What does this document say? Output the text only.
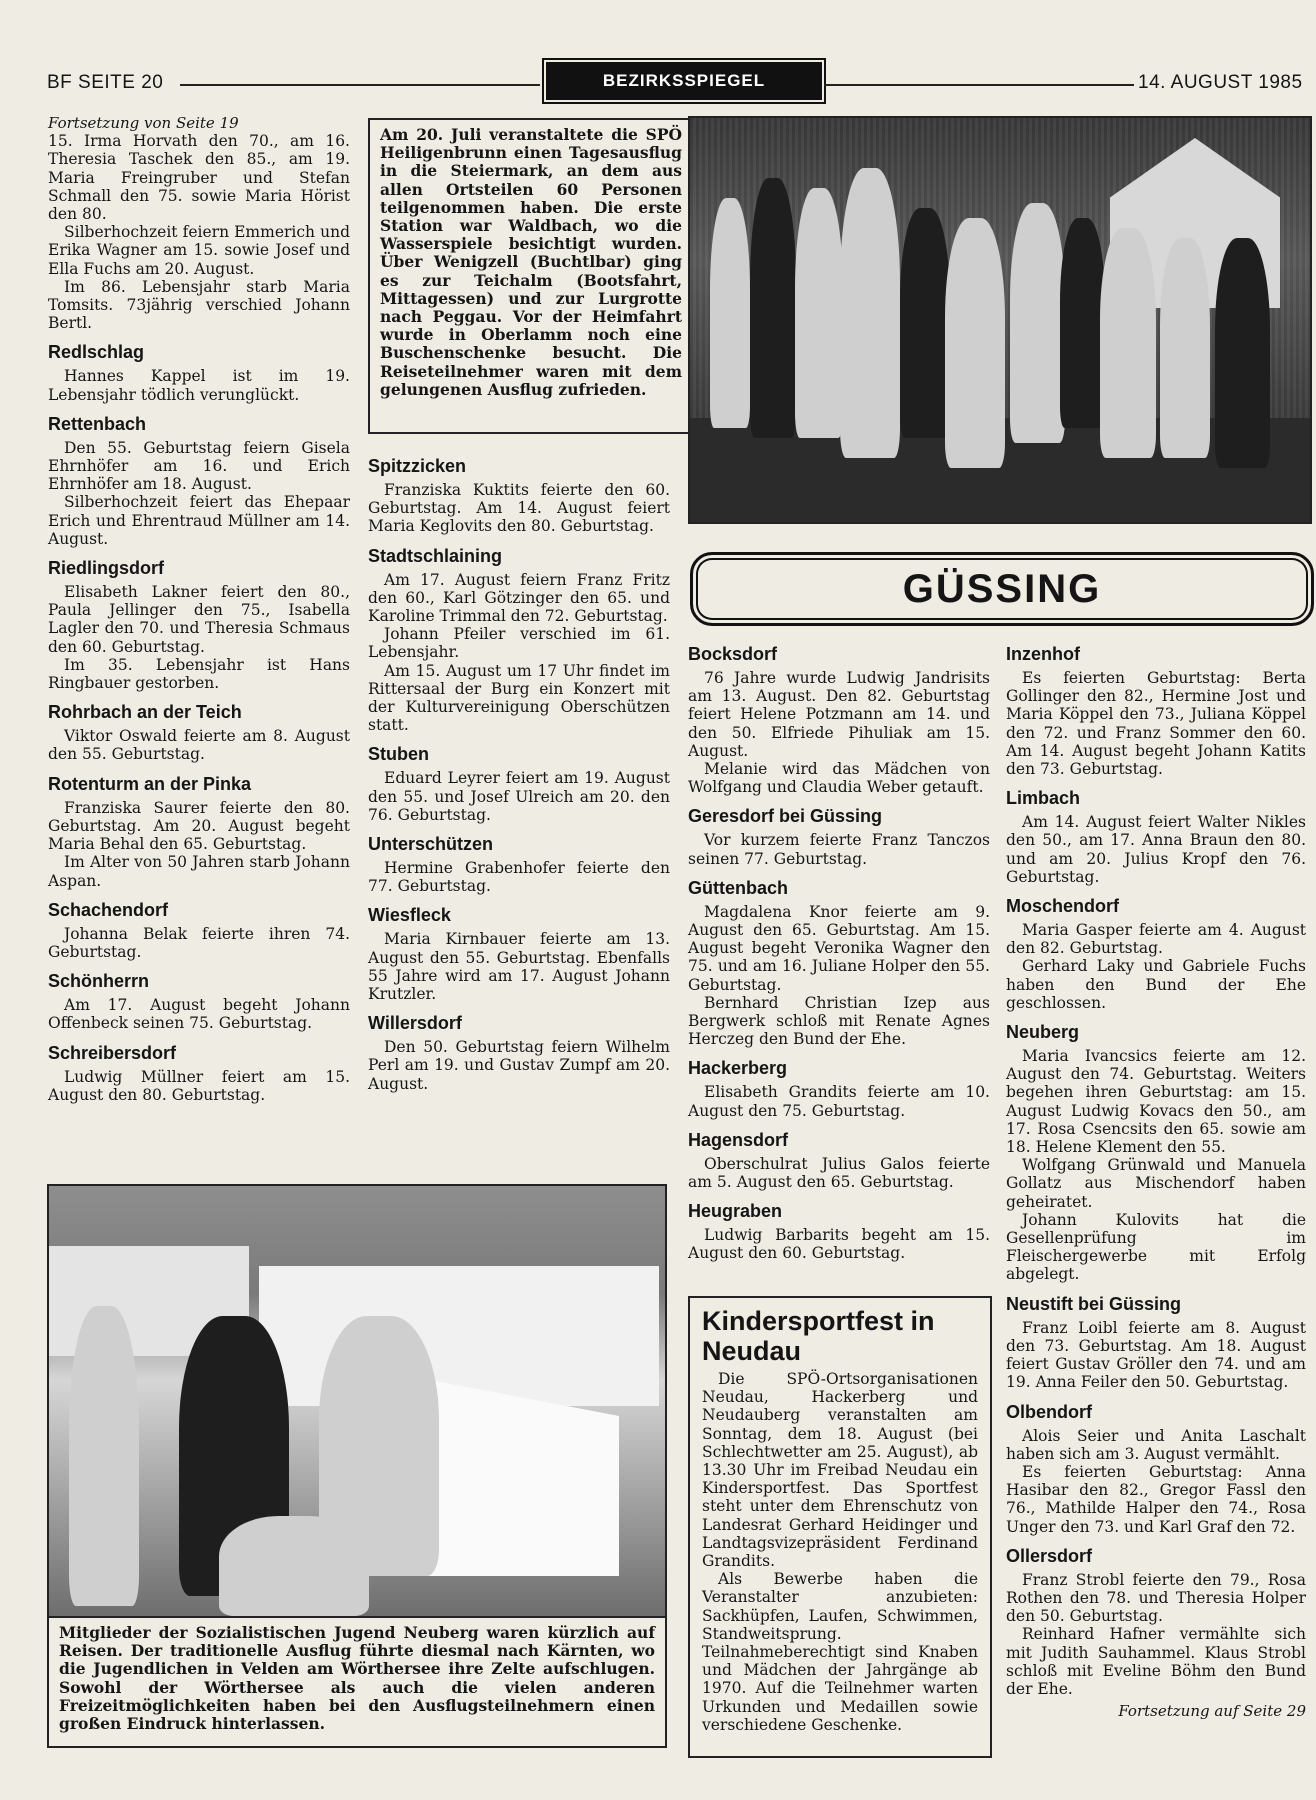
BF SEITE 20	BEZIRKSSPIEGEL	14. AUGUST 1985

Fortsetzung von Seite 19

15. Irma Horvath den 70., am 16. Theresia Taschek den 85., am 19. Maria Freingruber und Stefan Schmall den 75. sowie Maria Hörist den 80.

Silberhochzeit feiern Emmerich und Erika Wagner am 15. sowie Josef und Ella Fuchs am 20. August.

Im 86. Lebensjahr starb Maria Tomsits. 73jährig verschied Johann Bertl.

Redlschlag

Hannes Kappel ist im 19. Lebensjahr tödlich verunglückt.

Rettenbach

Den 55. Geburtstag feiern Gisela Ehrnhöfer am 16. und Erich Ehrnhöfer am 18. August.

Silberhochzeit feiert das Ehepaar Erich und Ehrentraud Müllner am 14. August.

Riedlingsdorf

Elisabeth Lakner feiert den 80., Paula Jellinger den 75., Isabella Lagler den 70. und Theresia Schmaus den 60. Geburtstag.

Im 35. Lebensjahr ist Hans Ringbauer gestorben.

Rohrbach an der Teich

Viktor Oswald feierte am 8. August den 55. Geburtstag.

Rotenturm an der Pinka

Franziska Saurer feierte den 80. Geburtstag. Am 20. August begeht Maria Behal den 65. Geburtstag.

Im Alter von 50 Jahren starb Johann Aspan.

Schachendorf

Johanna Belak feierte ihren 74. Geburtstag.

Schönherrn

Am 17. August begeht Johann Offenbeck seinen 75. Geburtstag.

Schreibersdorf

Ludwig Müllner feiert am 15. August den 80. Geburtstag.

Am 20. Juli veranstaltete die SPÖ Heiligenbrunn einen Tagesausflug in die Steiermark, an dem aus allen Ortsteilen 60 Personen teilgenommen haben. Die erste Station war Waldbach, wo die Wasserspiele besichtigt wurden. Über Wenigzell (Buchtlbar) ging es zur Teichalm (Bootsfahrt, Mittagessen) und zur Lurgrotte nach Peggau. Vor der Heimfahrt wurde in Oberlamm noch eine Buschenschenke besucht. Die Reiseteilnehmer waren mit dem gelungenen Ausflug zufrieden.
Spitzzicken

Franziska Kuktits feierte den 60. Geburtstag. Am 14. August feiert Maria Keglovits den 80. Geburtstag.

Stadtschlaining

Am 17. August feiern Franz Fritz den 60., Karl Götzinger den 65. und Karoline Trimmal den 72. Geburtstag.

Johann Pfeiler verschied im 61. Lebensjahr.

Am 15. August um 17 Uhr findet im Rittersaal der Burg ein Konzert mit der Kulturvereinigung Oberschützen statt.

Stuben

Eduard Leyrer feiert am 19. August den 55. und Josef Ulreich am 20. den 76. Geburtstag.

Unterschützen

Hermine Grabenhofer feierte den 77. Geburtstag.

Wiesfleck

Maria Kirnbauer feierte am 13. August den 55. Geburtstag. Ebenfalls 55 Jahre wird am 17. August Johann Krutzler.

Willersdorf

Den 50. Geburtstag feiern Wilhelm Perl am 19. und Gustav Zumpf am 20. August.

Mitglieder der Sozialistischen Jugend Neuberg waren kürzlich auf Reisen. Der traditionelle Ausflug führte diesmal nach Kärnten, wo die Jugendlichen in Velden am Wörthersee ihre Zelte aufschlugen. Sowohl der Wörthersee als auch die vielen anderen Freizeitmöglichkeiten haben bei den Ausflugsteilnehmern einen großen Eindruck hinterlassen.
GÜSSING
Bocksdorf

76 Jahre wurde Ludwig Jandrisits am 13. August. Den 82. Geburtstag feiert Helene Potzmann am 14. und den 50. Elfriede Pihuliak am 15. August.

Melanie wird das Mädchen von Wolfgang und Claudia Weber getauft.

Geresdorf bei Güssing

Vor kurzem feierte Franz Tanczos seinen 77. Geburtstag.

Güttenbach

Magdalena Knor feierte am 9. August den 65. Geburtstag. Am 15. August begeht Veronika Wagner den 75. und am 16. Juliane Holper den 55. Geburtstag.

Bernhard Christian Izep aus Bergwerk schloß mit Renate Agnes Herczeg den Bund der Ehe.

Hackerberg

Elisabeth Grandits feierte am 10. August den 75. Geburtstag.

Hagensdorf

Oberschulrat Julius Galos feierte am 5. August den 65. Geburtstag.

Heugraben

Ludwig Barbarits begeht am 15. August den 60. Geburtstag.

Kindersportfest in Neudau

Die SPÖ-Ortsorganisationen Neudau, Hackerberg und Neudauberg veranstalten am Sonntag, dem 18. August (bei Schlechtwetter am 25. August), ab 13.30 Uhr im Freibad Neudau ein Kindersportfest. Das Sportfest steht unter dem Ehrenschutz von Landesrat Gerhard Heidinger und Landtagsvizepräsident Ferdinand Grandits.

Als Bewerbe haben die Veranstalter anzubieten: Sackhüpfen, Laufen, Schwimmen, Standweitsprung. Teilnahmeberechtigt sind Knaben und Mädchen der Jahrgänge ab 1970. Auf die Teilnehmer warten Urkunden und Medaillen sowie verschiedene Geschenke.

Inzenhof

Es feierten Geburtstag: Berta Gollinger den 82., Hermine Jost und Maria Köppel den 73., Juliana Köppel den 72. und Franz Sommer den 60. Am 14. August begeht Johann Katits den 73. Geburtstag.

Limbach

Am 14. August feiert Walter Nikles den 50., am 17. Anna Braun den 80. und am 20. Julius Kropf den 76. Geburtstag.

Moschendorf

Maria Gasper feierte am 4. August den 82. Geburtstag.

Gerhard Laky und Gabriele Fuchs haben den Bund der Ehe geschlossen.

Neuberg

Maria Ivancsics feierte am 12. August den 74. Geburtstag. Weiters begehen ihren Geburtstag: am 15. August Ludwig Kovacs den 50., am 17. Rosa Csencsits den 65. sowie am 18. Helene Klement den 55.

Wolfgang Grünwald und Manuela Gollatz aus Mischendorf haben geheiratet.

Johann Kulovits hat die Gesellenprüfung im Fleischergewerbe mit Erfolg abgelegt.

Neustift bei Güssing

Franz Loibl feierte am 8. August den 73. Geburtstag. Am 18. August feiert Gustav Gröller den 74. und am 19. Anna Feiler den 50. Geburtstag.

Olbendorf

Alois Seier und Anita Laschalt haben sich am 3. August vermählt.

Es feierten Geburtstag: Anna Hasibar den 82., Gregor Fassl den 76., Mathilde Halper den 74., Rosa Unger den 73. und Karl Graf den 72.

Ollersdorf

Franz Strobl feierte den 79., Rosa Rothen den 78. und Theresia Holper den 50. Geburtstag.

Reinhard Hafner vermählte sich mit Judith Sauhammel. Klaus Strobl schloß mit Eveline Böhm den Bund der Ehe.

Fortsetzung auf Seite 29
